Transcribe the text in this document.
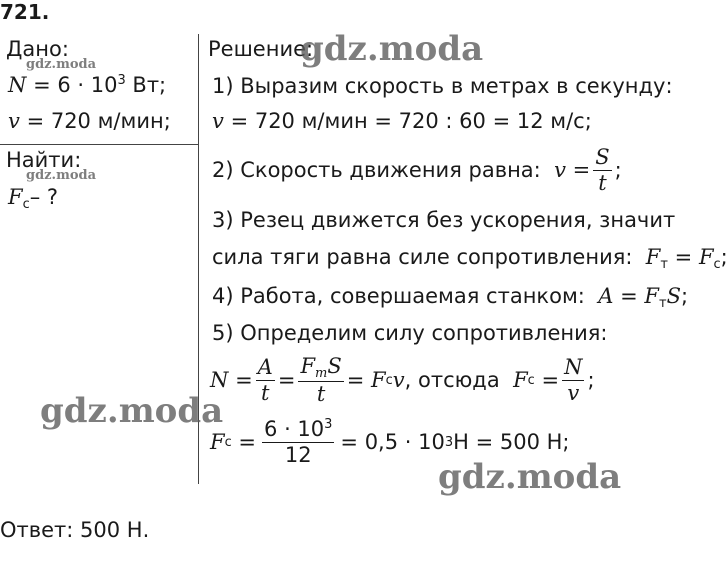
721.
Дано:
$N = 6 \cdot 10^3$ Вт;
v = 720 м/мин;
Найти:
$F_с-$ ?
Решение:
1) Выразим скорость в метрах в секунду:
v = 720 м/мин = 720 : 60 = 12 м/с;
2) Скорость движения равна:
$v = \frac{S}{t}$ ;
3) Резец движется без ускорения, значит
сила тяги равна силе сопротивления: $F_т = F_с$;
4) Работа, совершаемая станком: $A = F_тS$;
5) Определим силу сопротивления:
N
= $\frac{A}{t} = \frac{F_тS}{t}$ =
F с v , отсюда
F с
= $\frac{N}{v}$ ;
F с
= $\frac{6 \cdot 10^3}{12} = 0,5 \cdot 10$ 3 Н = 500 Н;
Ответ: 500 Н.
gdz.moda
gdz.moda
gdz.moda
gdz.moda
gdz.moda
